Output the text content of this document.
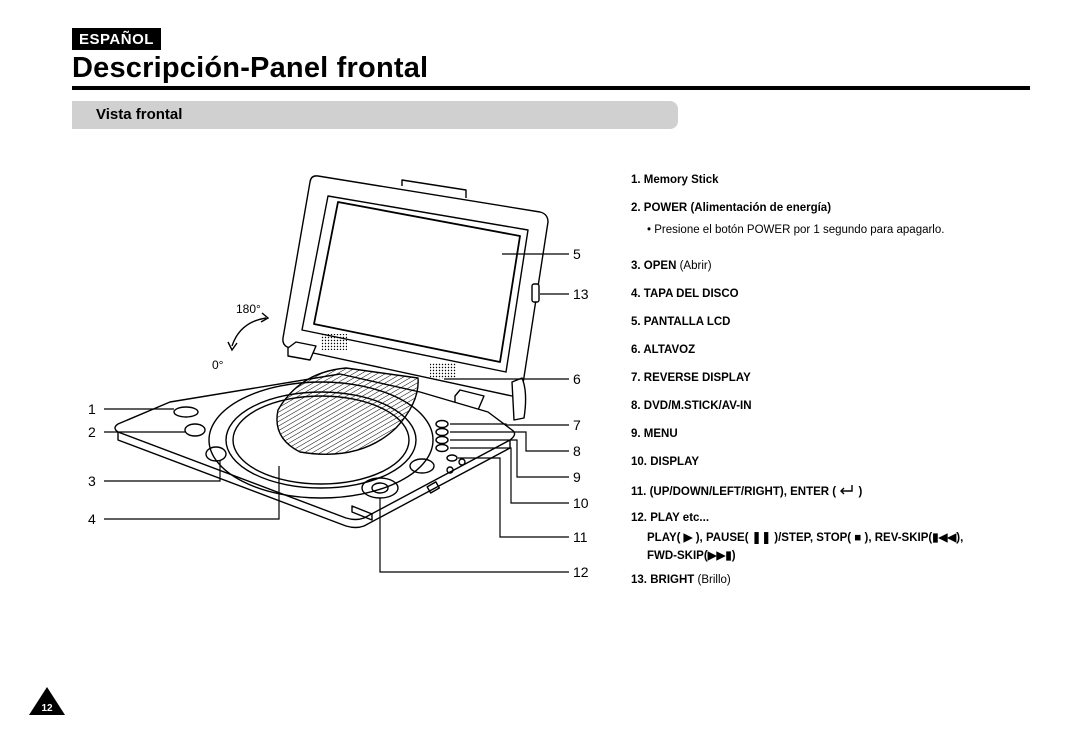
ESPAÑOL
Descripción-Panel frontal
Vista frontal
180°
0°
1
2
3
4
5
13
6
7
8
9
10
11
12
1. Memory Stick
2. POWER (Alimentación de energía)
• Presione el botón POWER por 1 segundo para apagarlo.
3. OPEN (Abrir)
4. TAPA DEL DISCO
5. PANTALLA LCD
6. ALTAVOZ
7. REVERSE DISPLAY
8. DVD/M.STICK/AV-IN
9. MENU
10. DISPLAY
11. (UP/DOWN/LEFT/RIGHT), ENTER ( )
12. PLAY etc...
PLAY( ▶ ), PAUSE( ❚❚ )/STEP, STOP( ■ ), REV-SKIP(▮◀◀),
FWD-SKIP(▶▶▮)
13. BRIGHT (Brillo)
12
